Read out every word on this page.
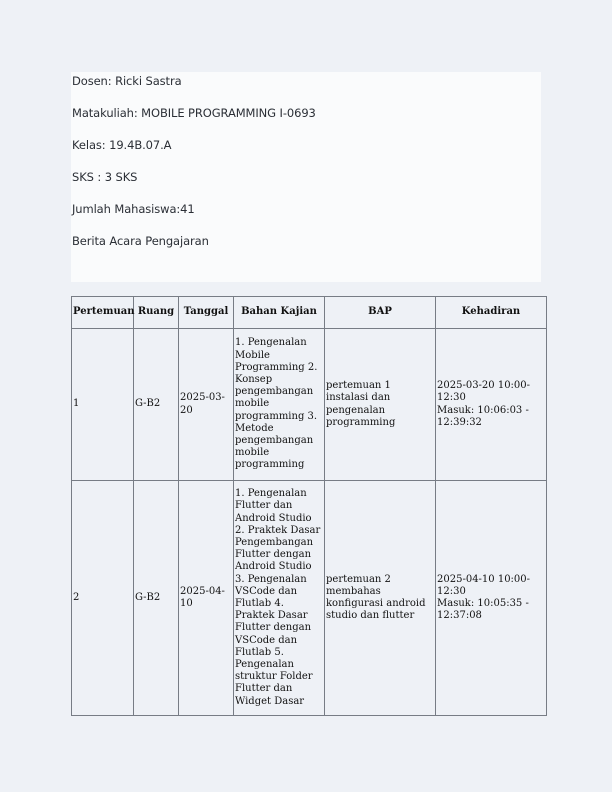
Dosen: Ricki Sastra
Matakuliah: MOBILE PROGRAMMING I-0693
Kelas: 19.4B.07.A
SKS : 3 SKS
Jumlah Mahasiswa:41
Berita Acara Pengajaran
Pertemuan	Ruang	Tanggal	Bahan Kajian	BAP	Kehadiran
1	G-B2	2025-03-20	1. Pengenalan Mobile Programming 2. Konsep pengembangan mobile programming 3. Metode pengembangan mobile programming	pertemuan 1 instalasi dan pengenalan programming	2025-03-20 10:00-12:30
Masuk: 10:06:03 - 12:39:32

2	G-B2	2025-04-10	1. Pengenalan Flutter dan Android Studio 2. Praktek Dasar Pengembangan Flutter dengan Android Studio 3. Pengenalan VSCode dan Flutlab 4. Praktek Dasar Flutter dengan VSCode dan Flutlab 5. Pengenalan struktur Folder Flutter dan Widget Dasar	pertemuan 2 membahas konfigurasi android studio dan flutter	2025-04-10 10:00-12:30
Masuk: 10:05:35 - 12:37:08
